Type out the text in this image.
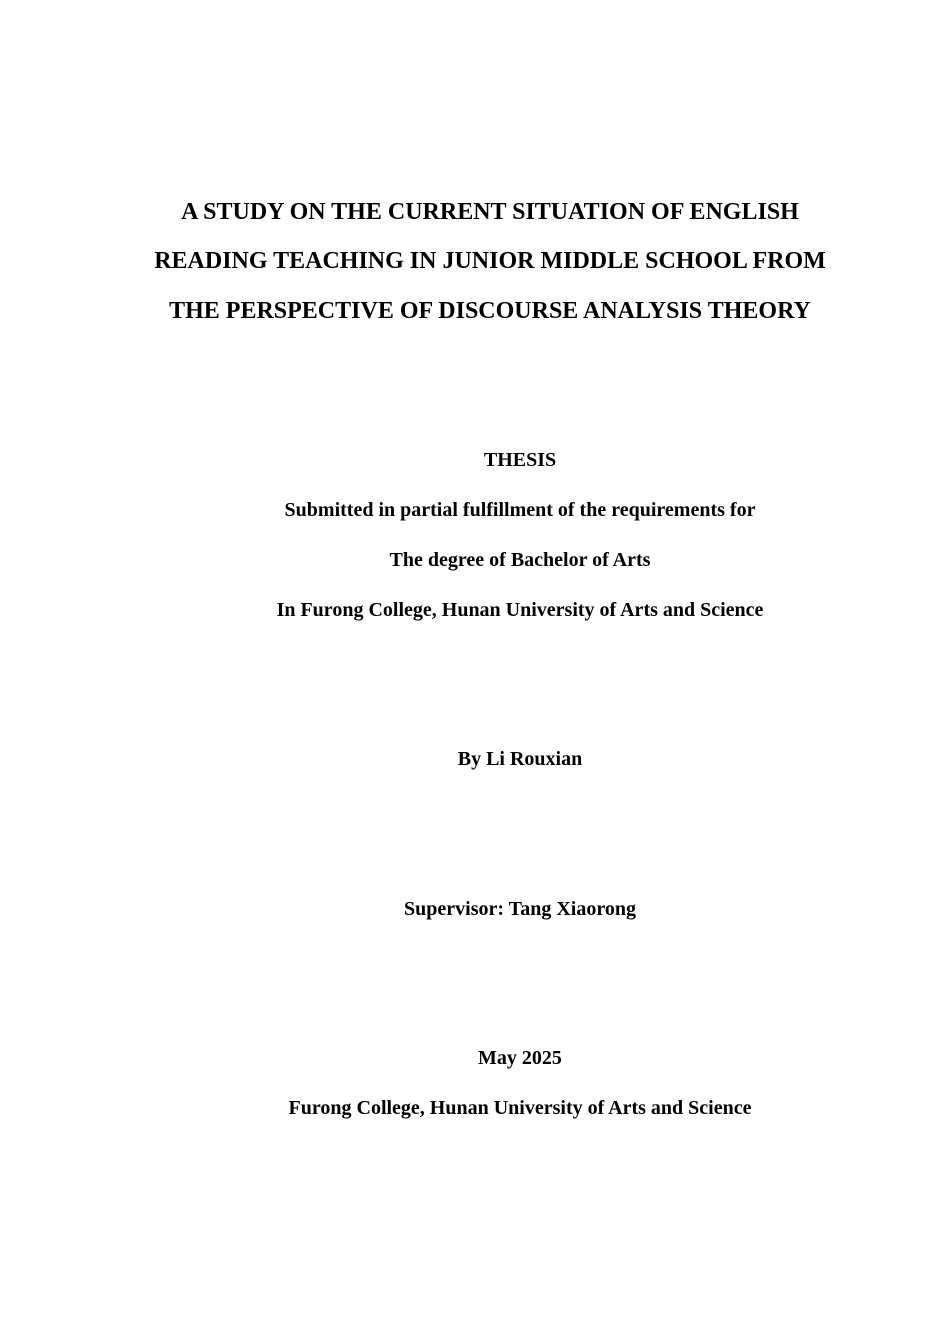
A STUDY ON THE CURRENT SITUATION OF ENGLISH

READING TEACHING IN JUNIOR MIDDLE SCHOOL FROM

THE PERSPECTIVE OF DISCOURSE ANALYSIS THEORY

THESIS

Submitted in partial fulfillment of the requirements for

The degree of Bachelor of Arts

In Furong College, Hunan University of Arts and Science

By Li Rouxian

Supervisor: Tang Xiaorong

May 2025

Furong College, Hunan University of Arts and Science
